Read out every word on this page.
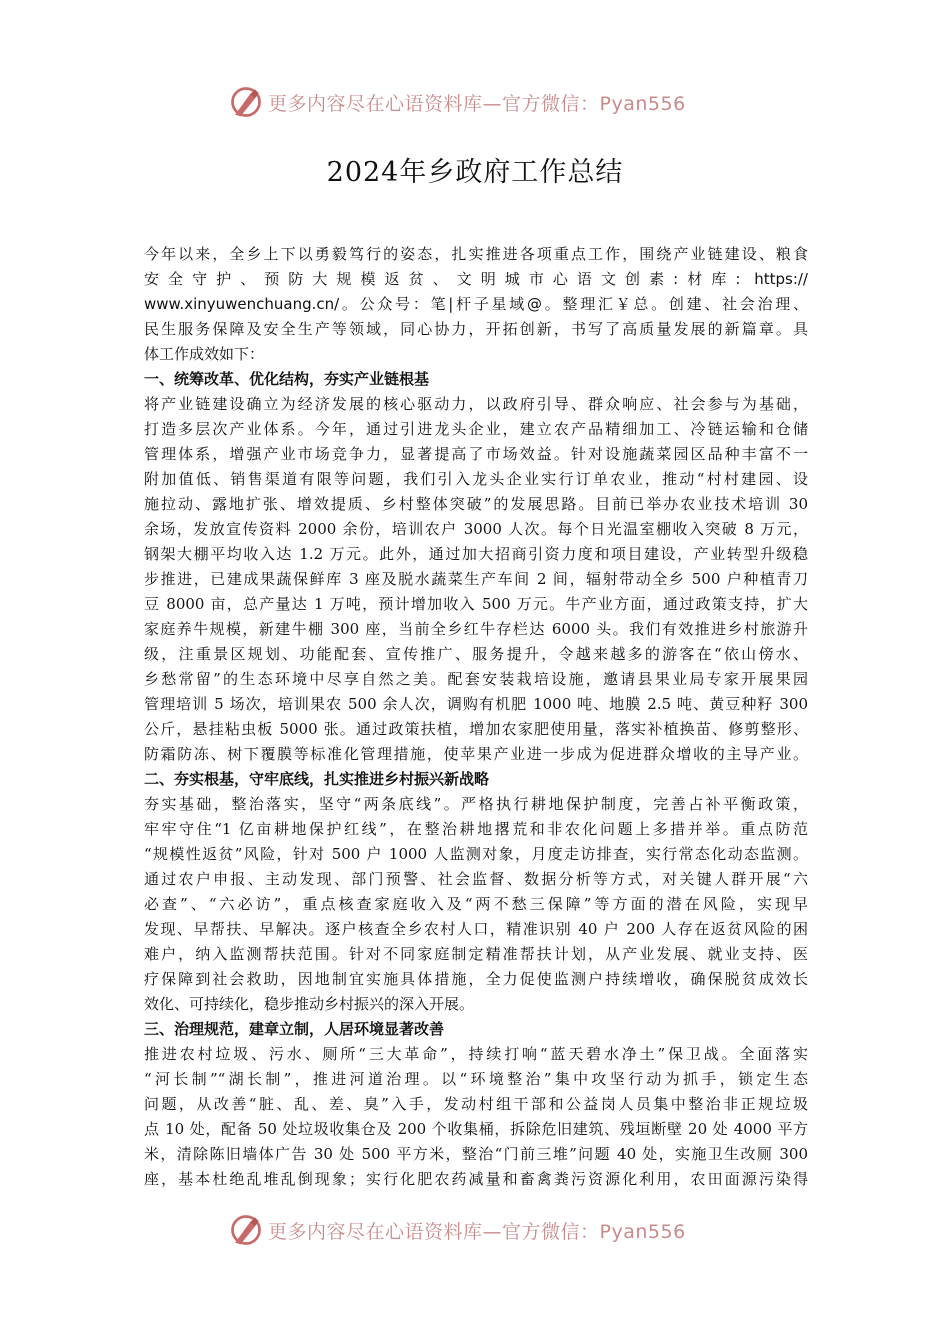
更多内容尽在心语资料库—官方微信：Pyan556
2024年乡政府工作总结
今年以来，全乡上下以勇毅笃行的姿态，扎实推进各项重点工作，围绕产业链建设、粮食
安全守护、预防大规模返贫、文明城市心语文创素:材库: https://
www.xinyuwenchuang.cn/。公众号：笔|杆子星域@。整理汇￥总。创建、社会治理、
民生服务保障及安全生产等领域，同心协力，开拓创新，书写了高质量发展的新篇章。具
体工作成效如下：
一、统筹改革、优化结构，夯实产业链根基
将产业链建设确立为经济发展的核心驱动力，以政府引导、群众响应、社会参与为基础，
打造多层次产业体系。今年，通过引进龙头企业，建立农产品精细加工、冷链运输和仓储
管理体系，增强产业市场竞争力，显著提高了市场效益。针对设施蔬菜园区品种丰富不一
附加值低、销售渠道有限等问题，我们引入龙头企业实行订单农业，推动“村村建园、设
施拉动、露地扩张、增效提质、乡村整体突破”的发展思路。目前已举办农业技术培训 30
余场，发放宣传资料 2000 余份，培训农户 3000 人次。每个日光温室棚收入突破 8 万元，
钢架大棚平均收入达 1.2 万元。此外，通过加大招商引资力度和项目建设，产业转型升级稳
步推进，已建成果蔬保鲜库 3 座及脱水蔬菜生产车间 2 间，辐射带动全乡 500 户种植青刀
豆 8000 亩，总产量达 1 万吨，预计增加收入 500 万元。牛产业方面，通过政策支持，扩大
家庭养牛规模，新建牛棚 300 座，当前全乡红牛存栏达 6000 头。我们有效推进乡村旅游升
级，注重景区规划、功能配套、宣传推广、服务提升，令越来越多的游客在“依山傍水、
乡愁常留”的生态环境中尽享自然之美。配套安装栽培设施，邀请县果业局专家开展果园
管理培训 5 场次，培训果农 500 余人次，调购有机肥 1000 吨、地膜 2.5 吨、黄豆种籽 300
公斤，悬挂粘虫板 5000 张。通过政策扶植，增加农家肥使用量，落实补植换苗、修剪整形、
防霜防冻、树下覆膜等标准化管理措施，使苹果产业进一步成为促进群众增收的主导产业。
二、夯实根基，守牢底线，扎实推进乡村振兴新战略
夯实基础，整治落实，坚守“两条底线”。严格执行耕地保护制度，完善占补平衡政策，
牢牢守住“1 亿亩耕地保护红线”，在整治耕地撂荒和非农化问题上多措并举。重点防范
“规模性返贫”风险，针对 500 户 1000 人监测对象，月度走访排查，实行常态化动态监测。
通过农户申报、主动发现、部门预警、社会监督、数据分析等方式，对关键人群开展“六
必查”、“六必访”，重点核查家庭收入及“两不愁三保障”等方面的潜在风险，实现早
发现、早帮扶、早解决。逐户核查全乡农村人口，精准识别 40 户 200 人存在返贫风险的困
难户，纳入监测帮扶范围。针对不同家庭制定精准帮扶计划，从产业发展、就业支持、医
疗保障到社会救助，因地制宜实施具体措施，全力促使监测户持续增收，确保脱贫成效长
效化、可持续化，稳步推动乡村振兴的深入开展。
三、治理规范，建章立制，人居环境显著改善
推进农村垃圾、污水、厕所“三大革命”，持续打响“蓝天碧水净土”保卫战。全面落实
“河长制”“湖长制”，推进河道治理。以“环境整治”集中攻坚行动为抓手，锁定生态
问题，从改善“脏、乱、差、臭”入手，发动村组干部和公益岗人员集中整治非正规垃圾
点 10 处，配备 50 处垃圾收集仓及 200 个收集桶，拆除危旧建筑、残垣断壁 20 处 4000 平方
米，清除陈旧墙体广告 30 处 500 平方米，整治“门前三堆”问题 40 处，实施卫生改厕 300
座，基本杜绝乱堆乱倒现象；实行化肥农药减量和畜禽粪污资源化利用，农田面源污染得
更多内容尽在心语资料库—官方微信：Pyan556
